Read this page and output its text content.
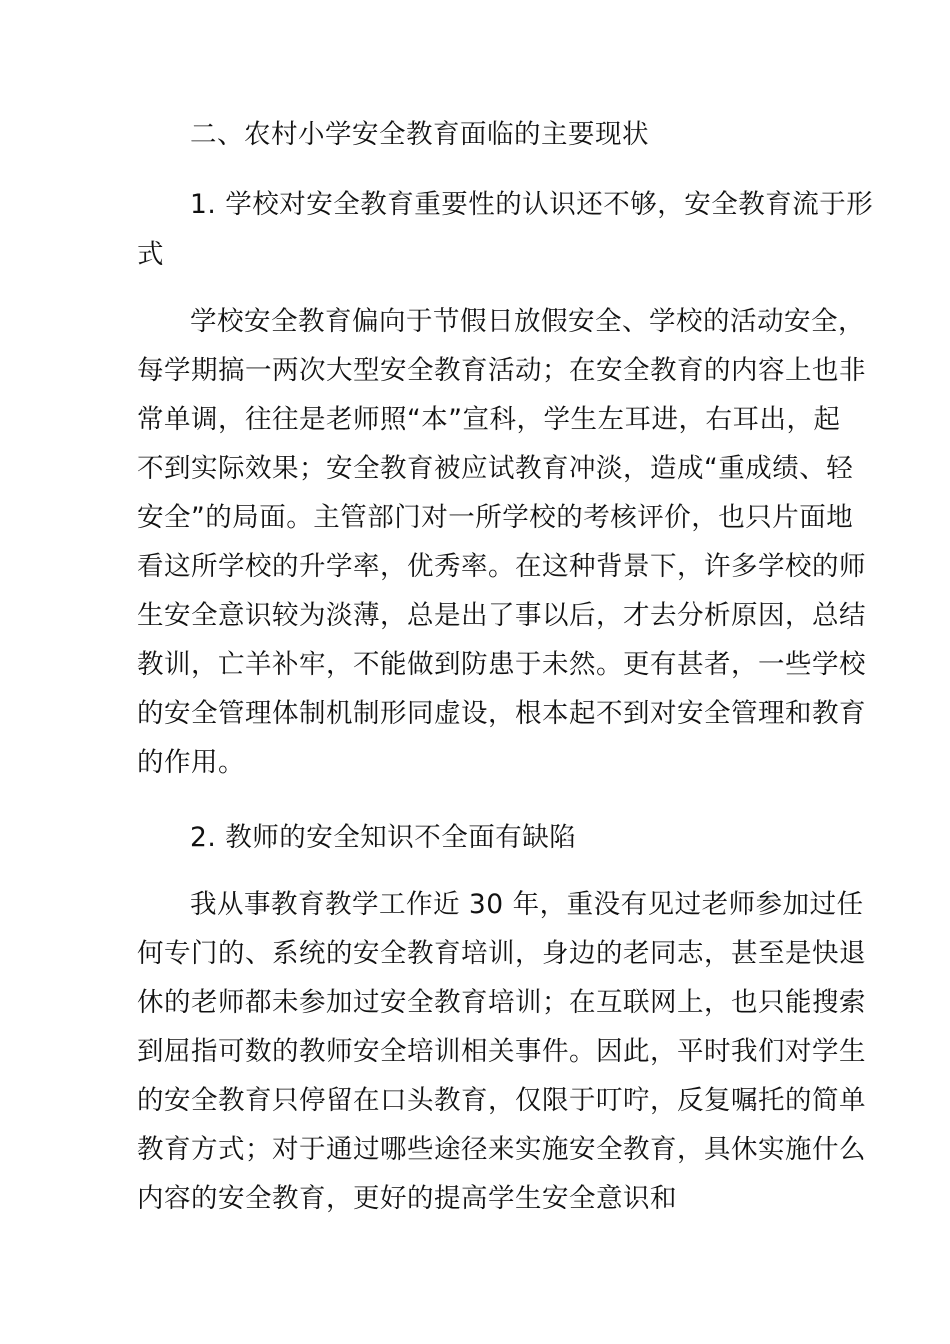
二、农村小学安全教育面临的主要现状
1. 学校对安全教育重要性的认识还不够，安全教育流于形
式
学校安全教育偏向于节假日放假安全、学校的活动安全，
每学期搞一两次大型安全教育活动；在安全教育的内容上也非
常单调，往往是老师照“本”宣科，学生左耳进，右耳出，起
不到实际效果；安全教育被应试教育冲淡，造成“重成绩、轻
安全”的局面。主管部门对一所学校的考核评价，也只片面地
看这所学校的升学率，优秀率。在这种背景下，许多学校的师
生安全意识较为淡薄，总是出了事以后，才去分析原因，总结
教训，亡羊补牢，不能做到防患于未然。更有甚者，一些学校
的安全管理体制机制形同虚设，根本起不到对安全管理和教育
的作用。
2. 教师的安全知识不全面有缺陷
我从事教育教学工作近 30 年，重没有见过老师参加过任
何专门的、系统的安全教育培训，身边的老同志，甚至是快退
休的老师都未参加过安全教育培训；在互联网上，也只能搜索
到屈指可数的教师安全培训相关事件。因此，平时我们对学生
的安全教育只停留在口头教育，仅限于叮咛，反复嘱托的简单
教育方式；对于通过哪些途径来实施安全教育，具休实施什么
内容的安全教育，更好的提高学生安全意识和
